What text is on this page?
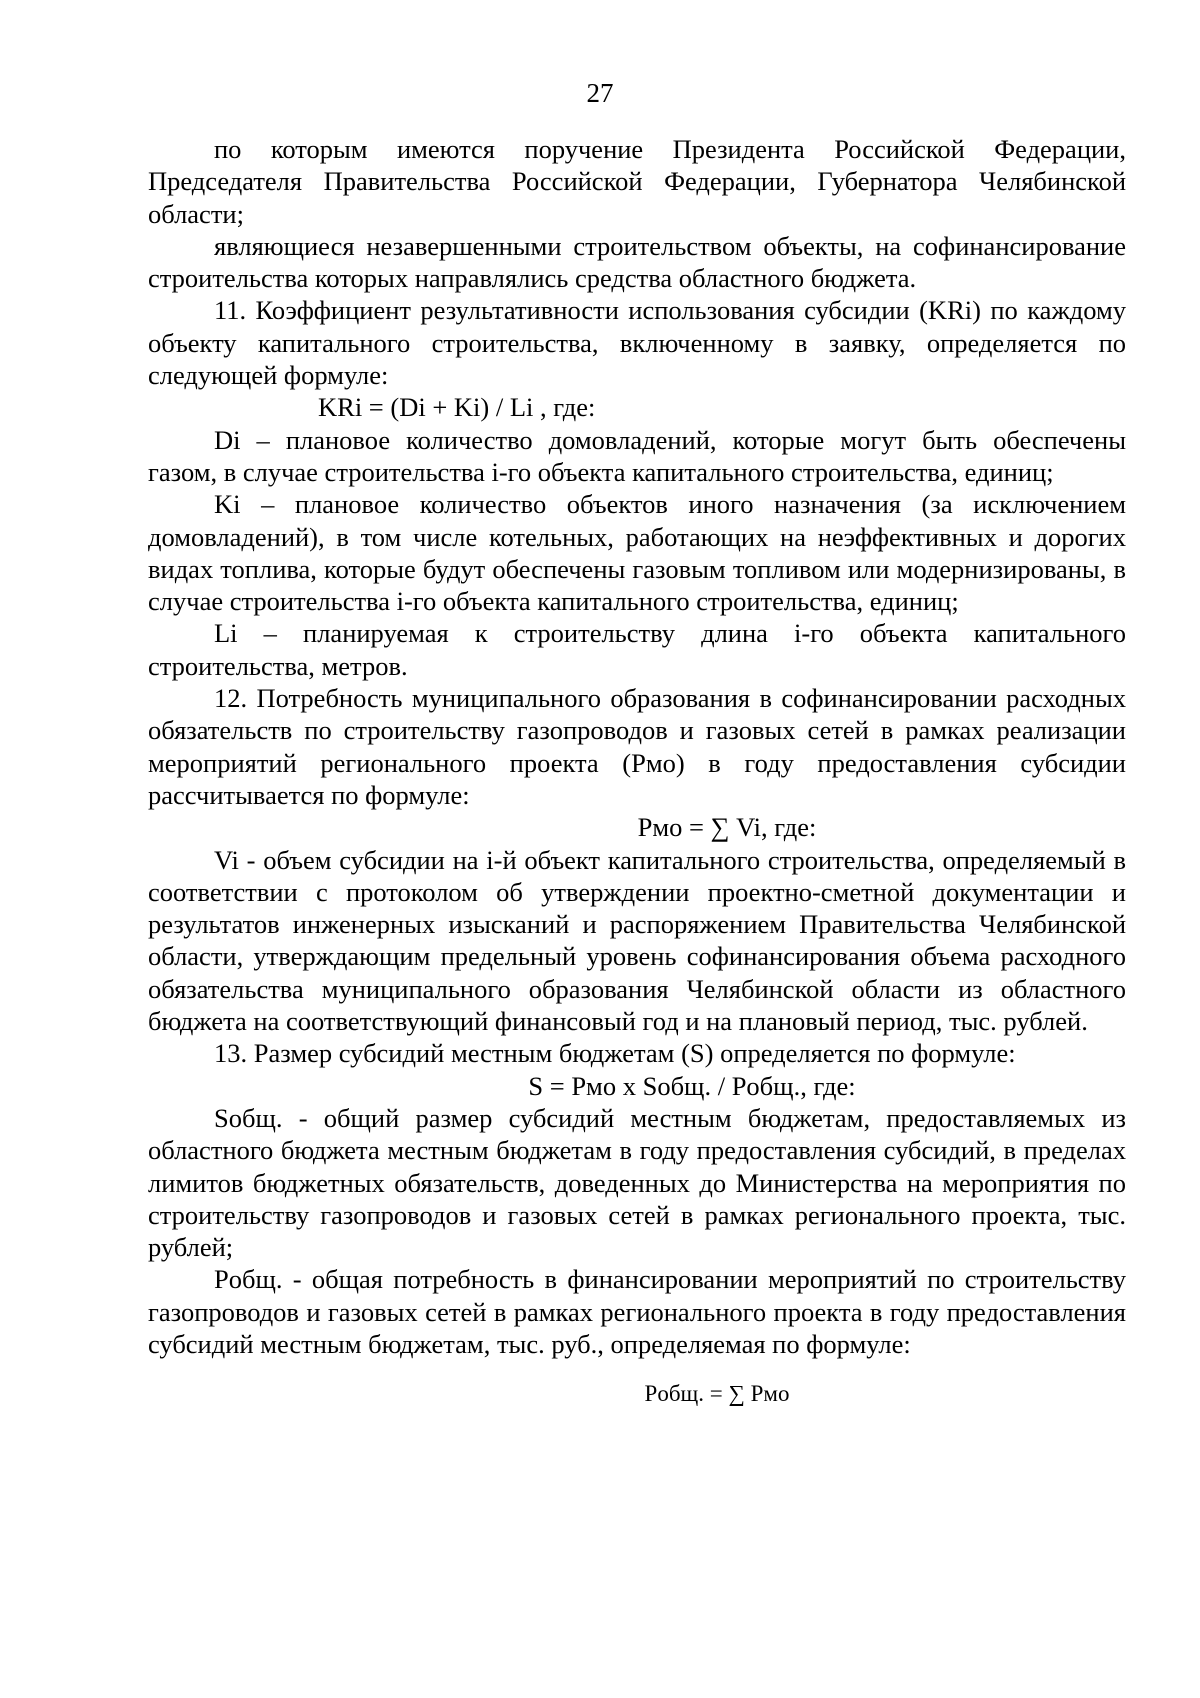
27

по которым имеются поручение Президента Российской Федерации, Председателя Правительства Российской Федерации, Губернатора Челябинской области;

являющиеся незавершенными строительством объекты, на софинансирование строительства которых направлялись средства областного бюджета.

11. Коэффициент результативности использования субсидии (KRi) по каждому объекту капитального строительства, включенному в заявку, определяется по следующей формуле:

KRi = (Di + Ki) / Li , где:

Di – плановое количество домовладений, которые могут быть обеспечены газом, в случае строительства i-го объекта капитального строительства, единиц;

Ki – плановое количество объектов иного назначения (за исключением домовладений), в том числе котельных, работающих на неэффективных и дорогих видах топлива, которые будут обеспечены газовым топливом или модернизированы, в случае строительства i-го объекта капитального строительства, единиц;

Li – планируемая к строительству длина i-го объекта капитального строительства, метров.

12. Потребность муниципального образования в софинансировании расходных обязательств по строительству газопроводов и газовых сетей в рамках реализации мероприятий регионального проекта (Pмо) в году предоставления субсидии рассчитывается по формуле:

Pмо = ∑ Vi, где:

Vi - объем субсидии на i-й объект капитального строительства, определяемый в соответствии с протоколом об утверждении проектно-сметной документации и результатов инженерных изысканий и распоряжением Правительства Челябинской области, утверждающим предельный уровень софинансирования объема расходного обязательства муниципального образования Челябинской области из областного бюджета на соответствующий финансовый год и на плановый период, тыс. рублей.

13. Размер субсидий местным бюджетам (S) определяется по формуле:

S = Pмо x Sобщ. / Pобщ., где:

Sобщ. - общий размер субсидий местным бюджетам, предоставляемых из областного бюджета местным бюджетам в году предоставления субсидий, в пределах лимитов бюджетных обязательств, доведенных до Министерства на мероприятия по строительству газопроводов и газовых сетей в рамках регионального проекта, тыс. рублей;

Pобщ. - общая потребность в финансировании мероприятий по строительству газопроводов и газовых сетей в рамках регионального проекта в году предоставления субсидий местным бюджетам, тыс. руб., определяемая по формуле:

Pобщ. = ∑ Pмо
